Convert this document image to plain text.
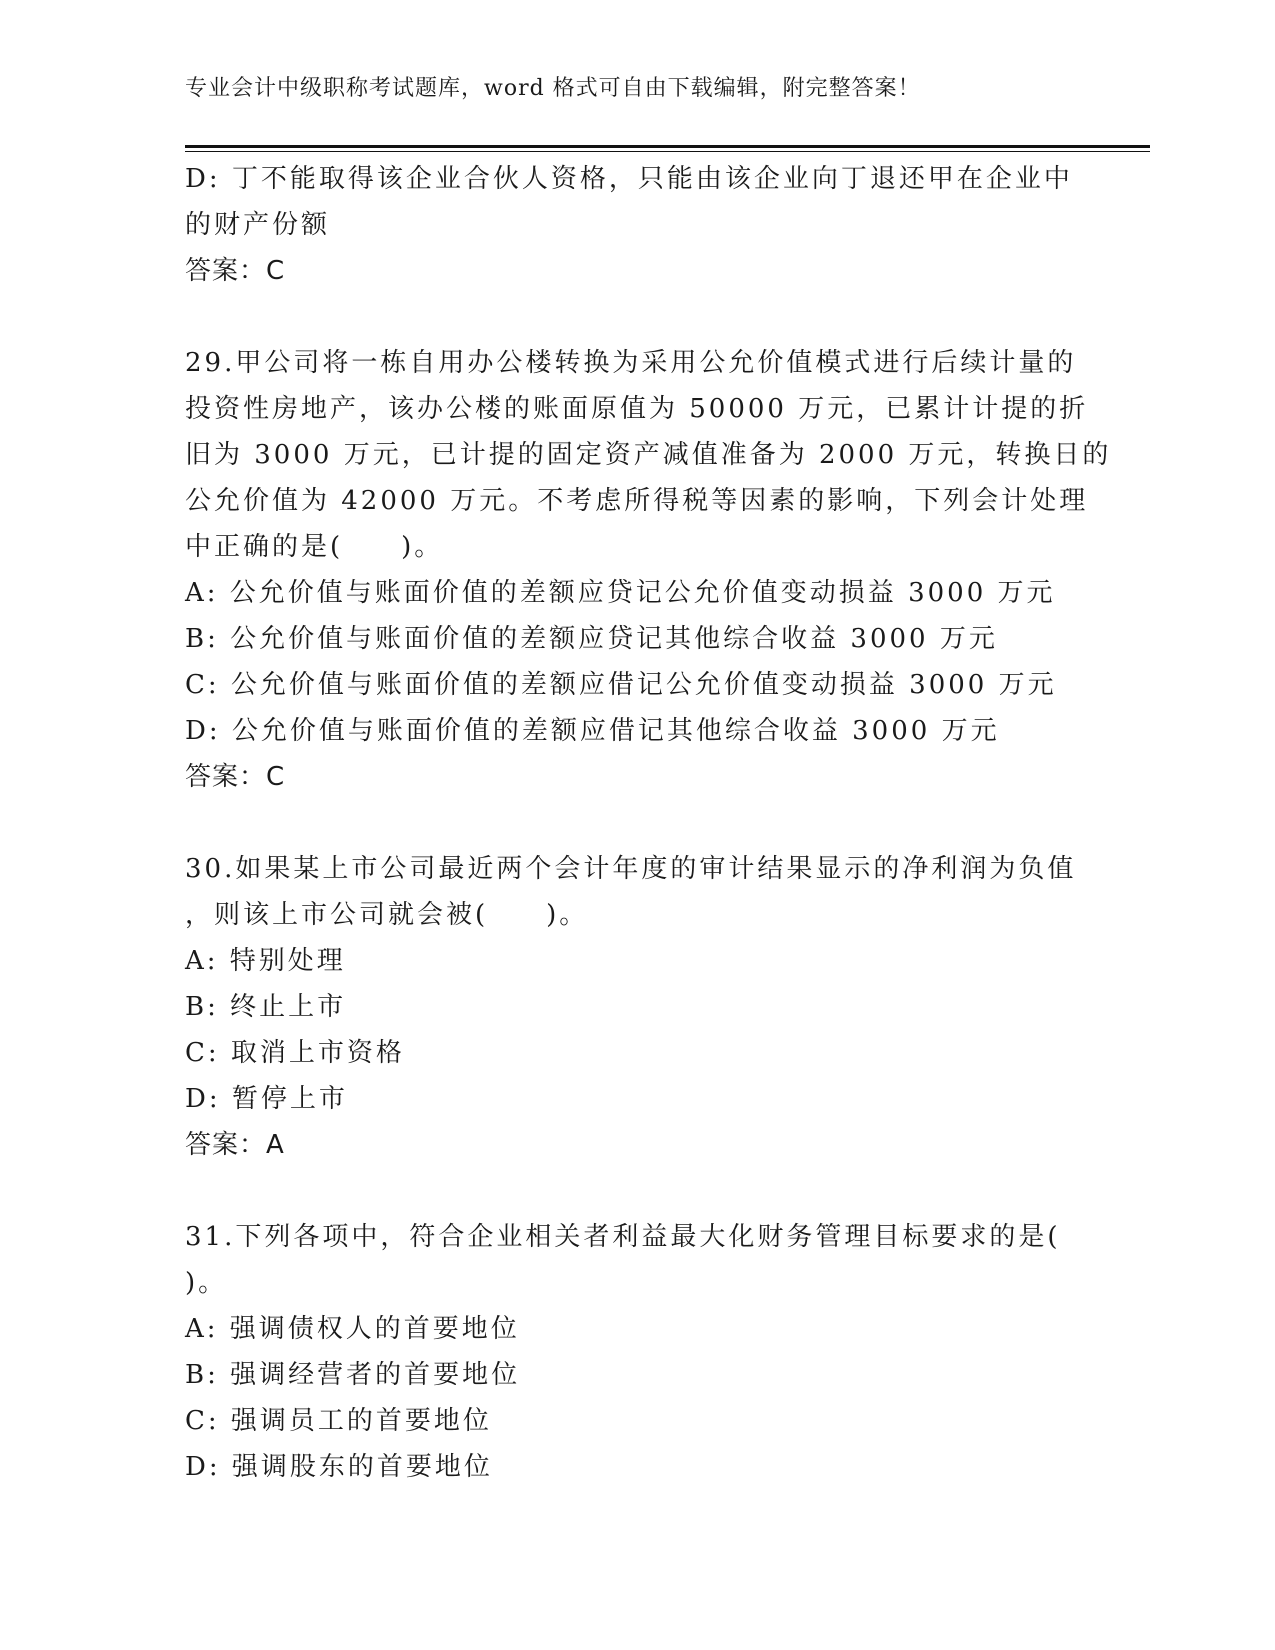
专业会计中级职称考试题库，word 格式可自由下载编辑，附完整答案！
D: 丁不能取得该企业合伙人资格，只能由该企业向丁退还甲在企业中
的财产份额
答案：C
29.甲公司将一栋自用办公楼转换为采用公允价值模式进行后续计量的
投资性房地产，该办公楼的账面原值为 50000 万元，已累计计提的折
旧为 3000 万元，已计提的固定资产减值准备为 2000 万元，转换日的
公允价值为 42000 万元。不考虑所得税等因素的影响，下列会计处理
中正确的是(　　)。
A: 公允价值与账面价值的差额应贷记公允价值变动损益 3000 万元
B: 公允价值与账面价值的差额应贷记其他综合收益 3000 万元
C: 公允价值与账面价值的差额应借记公允价值变动损益 3000 万元
D: 公允价值与账面价值的差额应借记其他综合收益 3000 万元
答案：C
30.如果某上市公司最近两个会计年度的审计结果显示的净利润为负值
，则该上市公司就会被(　　)。
A: 特别处理
B: 终止上市
C: 取消上市资格
D: 暂停上市
答案：A
31.下列各项中，符合企业相关者利益最大化财务管理目标要求的是(
)。
A: 强调债权人的首要地位
B: 强调经营者的首要地位
C: 强调员工的首要地位
D: 强调股东的首要地位
